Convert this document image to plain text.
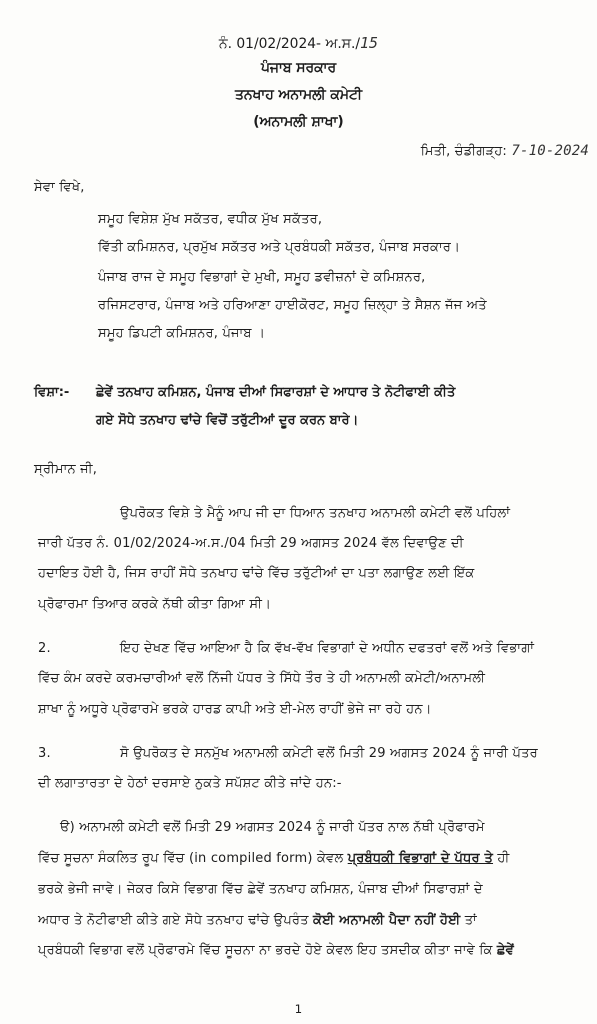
ਨੰ. 01/02/2024- ਅ.ਸ./15
ਪੰਜਾਬ ਸਰਕਾਰ
ਤਨਖਾਹ ਅਨਾਮਲੀ ਕਮੇਟੀ
(ਅਨਾਮਲੀ ਸ਼ਾਖਾ)
ਮਿਤੀ, ਚੰਡੀਗੜ੍ਹ: 7-10-2024
ਸੇਵਾ ਵਿਖੇ,
ਸਮੂਹ ਵਿਸ਼ੇਸ਼ ਮੁੱਖ ਸਕੱਤਰ, ਵਧੀਕ ਮੁੱਖ ਸਕੱਤਰ,
ਵਿੱਤੀ ਕਮਿਸ਼ਨਰ, ਪ੍ਰਮੁੱਖ ਸਕੱਤਰ ਅਤੇ ਪ੍ਰਬੰਧਕੀ ਸਕੱਤਰ, ਪੰਜਾਬ ਸਰਕਾਰ।
ਪੰਜਾਬ ਰਾਜ ਦੇ ਸਮੂਹ ਵਿਭਾਗਾਂ ਦੇ ਮੁਖੀ, ਸਮੂਹ ਡਵੀਜ਼ਨਾਂ ਦੇ ਕਮਿਸ਼ਨਰ,
ਰਜਿਸਟਰਾਰ, ਪੰਜਾਬ ਅਤੇ ਹਰਿਆਣਾ ਹਾਈਕੋਰਟ, ਸਮੂਹ ਜ਼ਿਲ੍ਹਾ ਤੇ ਸੈਸ਼ਨ ਜੱਜ ਅਤੇ
ਸਮੂਹ ਡਿਪਟੀ ਕਮਿਸ਼ਨਰ, ਪੰਜਾਬ ।
ਵਿਸ਼ਾ:- ਛੇਵੇਂ ਤਨਖਾਹ ਕਮਿਸ਼ਨ, ਪੰਜਾਬ ਦੀਆਂ ਸਿਫਾਰਸ਼ਾਂ ਦੇ ਆਧਾਰ ਤੇ ਨੋਟੀਫਾਈ ਕੀਤੇ
ਗਏ ਸੋਧੇ ਤਨਖਾਹ ਢਾਂਚੇ ਵਿਚੋਂ ਤਰੁੱਟੀਆਂ ਦੂਰ ਕਰਨ ਬਾਰੇ।
ਸ੍ਰੀਮਾਨ ਜੀ,
ਉਪਰੋਕਤ ਵਿਸ਼ੇ ਤੇ ਮੈਨੂੰ ਆਪ ਜੀ ਦਾ ਧਿਆਨ ਤਨਖਾਹ ਅਨਾਮਲੀ ਕਮੇਟੀ ਵਲੋਂ ਪਹਿਲਾਂ
ਜਾਰੀ ਪੱਤਰ ਨੰ. 01/02/2024-ਅ.ਸ./04 ਮਿਤੀ 29 ਅਗਸਤ 2024 ਵੱਲ ਦਿਵਾਉਣ ਦੀ
ਹਦਾਇਤ ਹੋਈ ਹੈ, ਜਿਸ ਰਾਹੀਂ ਸੋਧੇ ਤਨਖਾਹ ਢਾਂਚੇ ਵਿੱਚ ਤਰੁੱਟੀਆਂ ਦਾ ਪਤਾ ਲਗਾਉਣ ਲਈ ਇੱਕ
ਪ੍ਰੋਫਾਰਮਾ ਤਿਆਰ ਕਰਕੇ ਨੱਥੀ ਕੀਤਾ ਗਿਆ ਸੀ।
2.	ਇਹ ਦੇਖਣ ਵਿੱਚ ਆਇਆ ਹੈ ਕਿ ਵੱਖ-ਵੱਖ ਵਿਭਾਗਾਂ ਦੇ ਅਧੀਨ ਦਫਤਰਾਂ ਵਲੋਂ ਅਤੇ ਵਿਭਾਗਾਂ
ਵਿੱਚ ਕੰਮ ਕਰਦੇ ਕਰਮਚਾਰੀਆਂ ਵਲੋਂ ਨਿੱਜੀ ਪੱਧਰ ਤੇ ਸਿੱਧੇ ਤੌਰ ਤੇ ਹੀ ਅਨਾਮਲੀ ਕਮੇਟੀ/ਅਨਾਮਲੀ
ਸ਼ਾਖਾ ਨੂੰ ਅਧੂਰੇ ਪ੍ਰੋਫਾਰਮੇ ਭਰਕੇ ਹਾਰਡ ਕਾਪੀ ਅਤੇ ਈ-ਮੇਲ ਰਾਹੀਂ ਭੇਜੇ ਜਾ ਰਹੇ ਹਨ।
3.	ਸੋ ਉਪਰੋਕਤ ਦੇ ਸਨਮੁੱਖ ਅਨਾਮਲੀ ਕਮੇਟੀ ਵਲੋਂ ਮਿਤੀ 29 ਅਗਸਤ 2024 ਨੂੰ ਜਾਰੀ ਪੱਤਰ
ਦੀ ਲਗਾਤਾਰਤਾ ਦੇ ਹੇਠਾਂ ਦਰਸਾਏ ਨੁਕਤੇ ਸਪੱਸ਼ਟ ਕੀਤੇ ਜਾਂਦੇ ਹਨ:-
ੳ) ਅਨਾਮਲੀ ਕਮੇਟੀ ਵਲੋਂ ਮਿਤੀ 29 ਅਗਸਤ 2024 ਨੂੰ ਜਾਰੀ ਪੱਤਰ ਨਾਲ ਨੱਥੀ ਪ੍ਰੋਫਾਰਮੇ
ਵਿੱਚ ਸੂਚਨਾ ਸੰਕਲਿਤ ਰੂਪ ਵਿੱਚ (in compiled form) ਕੇਵਲ ਪ੍ਰਬੰਧਕੀ ਵਿਭਾਗਾਂ ਦੇ ਪੱਧਰ ਤੇ ਹੀ
ਭਰਕੇ ਭੇਜੀ ਜਾਵੇ। ਜੇਕਰ ਕਿਸੇ ਵਿਭਾਗ ਵਿੱਚ ਛੇਵੇਂ ਤਨਖਾਹ ਕਮਿਸ਼ਨ, ਪੰਜਾਬ ਦੀਆਂ ਸਿਫਾਰਸ਼ਾਂ ਦੇ
ਅਧਾਰ ਤੇ ਨੋਟੀਫਾਈ ਕੀਤੇ ਗਏ ਸੋਧੇ ਤਨਖਾਹ ਢਾਂਚੇ ਉਪਰੰਤ ਕੋਈ ਅਨਾਮਲੀ ਪੈਦਾ ਨਹੀਂ ਹੋਈ ਤਾਂ
ਪ੍ਰਬੰਧਕੀ ਵਿਭਾਗ ਵਲੋਂ ਪ੍ਰੋਫਾਰਮੇ ਵਿੱਚ ਸੂਚਨਾ ਨਾ ਭਰਦੇ ਹੋਏ ਕੇਵਲ ਇਹ ਤਸਦੀਕ ਕੀਤਾ ਜਾਵੇ ਕਿ ਛੇਵੇਂ
1
